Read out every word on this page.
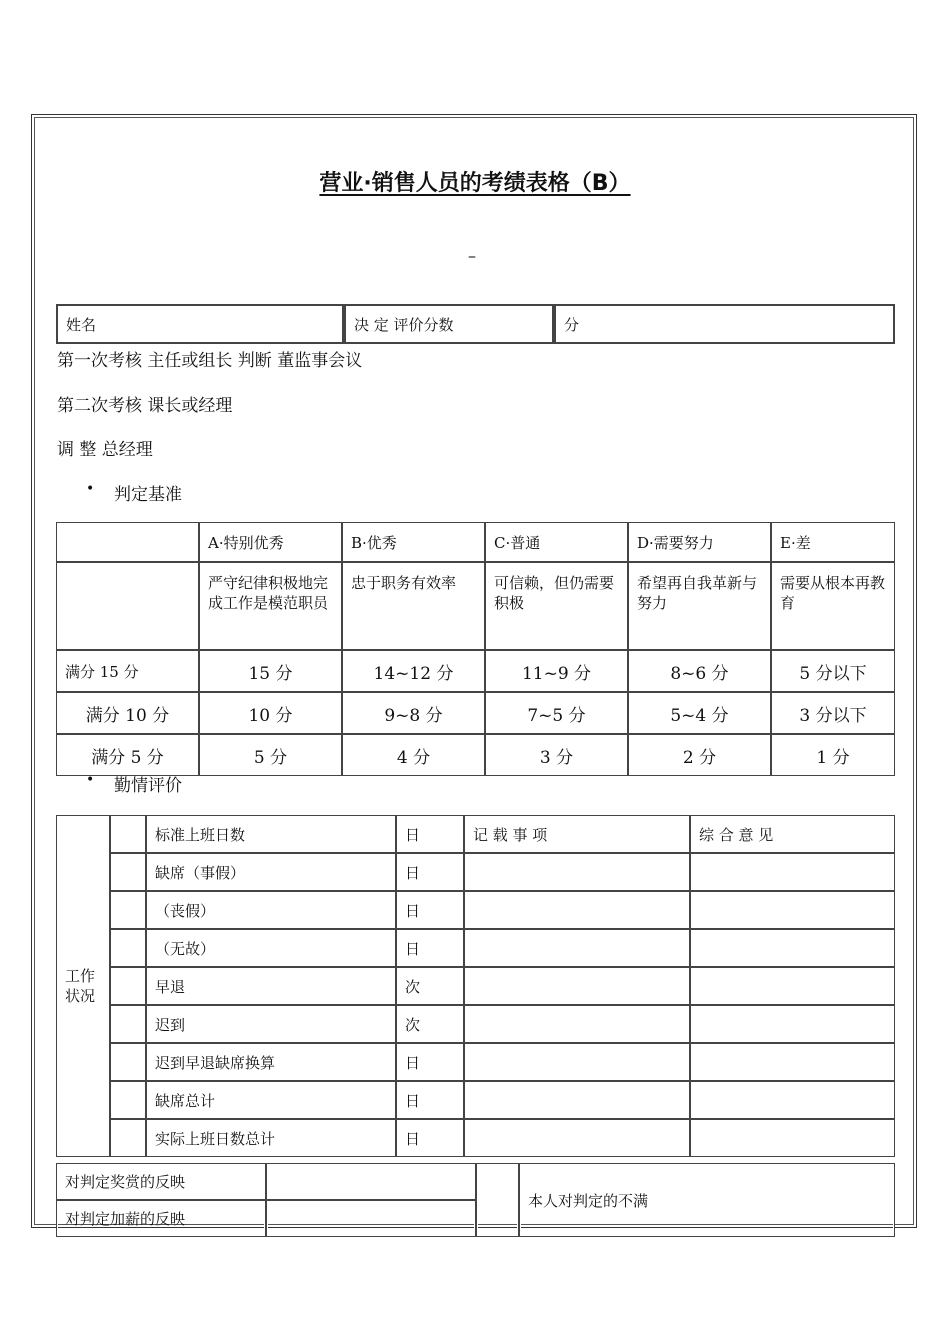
营业·销售人员的考绩表格（B）
–
姓名	决 定 评价分数	分
第一次考核 主任或组长 判断 董监事会议
第二次考核 课长或经理
调 整 总经理
• 判定基准
	A·特别优秀	B·优秀	C·普通	D·需要努力	E·差
	严守纪律积极地完成工作是模范职员	忠于职务有效率	可信赖，但仍需要积极	希望再自我革新与努力	需要从根本再教育
满分 15 分	15 分	14~12 分	11~9 分	8~6 分	5 分以下
满分 10 分	10 分	9~8 分	7~5 分	5~4 分	3 分以下
满分 5 分	5 分	4 分	3 分	2 分	1 分
• 勤情评价
工作状况		标准上班日数	日	记 载 事 项	综 合 意 见
		缺席（事假）	日		
		（丧假）	日		
		（无故）	日		
		早退	次		
		迟到	次		
		迟到早退缺席换算	日		
		缺席总计	日		
		实际上班日数总计	日		
对判定奖赏的反映			本人对判定的不满
对判定加薪的反映			
